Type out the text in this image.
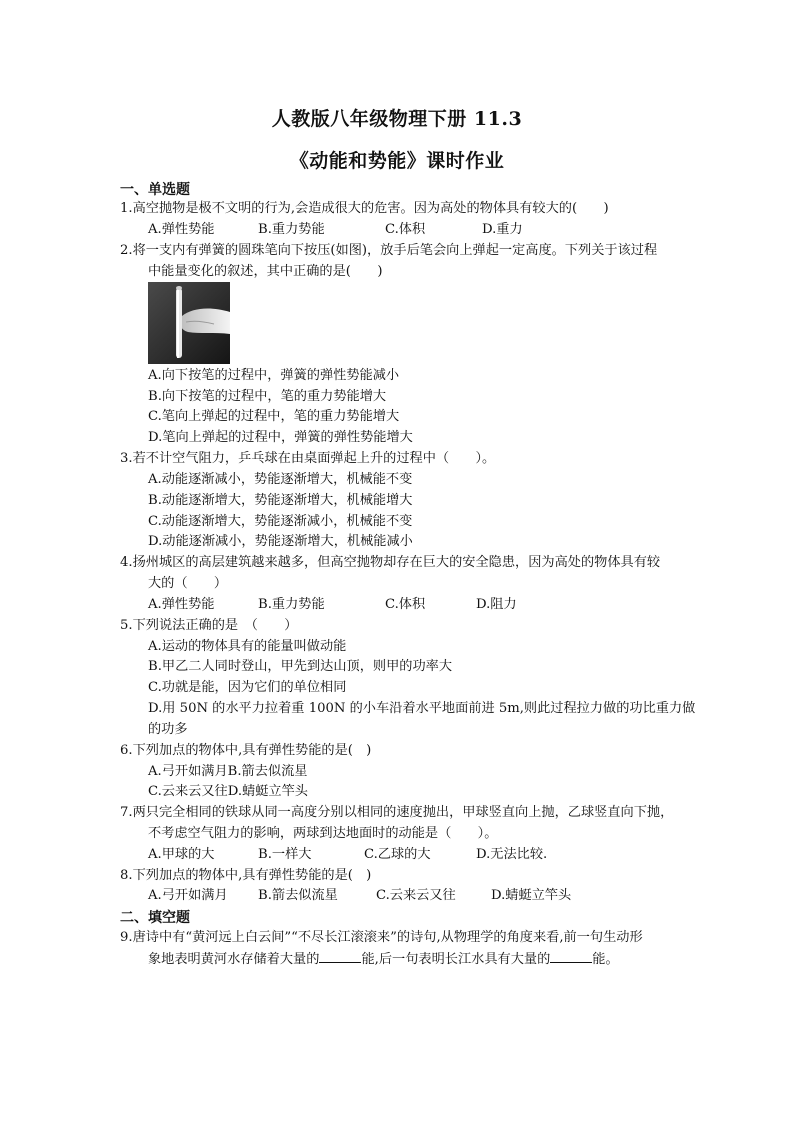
人教版八年级物理下册 11.3
《动能和势能》课时作业
一、单选题
1.高空抛物是极不文明的行为,会造成很大的危害。因为高处的物体具有较大的(　　)
A.弹性势能	B.重力势能	C.体积	D.重力
2.将一支内有弹簧的圆珠笔向下按压(如图)，放手后笔会向上弹起一定高度。下列关于该过程
中能量变化的叙述，其中正确的是(　　)
A.向下按笔的过程中，弹簧的弹性势能减小
B.向下按笔的过程中，笔的重力势能增大
C.笔向上弹起的过程中，笔的重力势能增大
D.笔向上弹起的过程中，弹簧的弹性势能增大
3.若不计空气阻力，乒乓球在由桌面弹起上升的过程中（　　）。
A.动能逐渐减小，势能逐渐增大，机械能不变
B.动能逐渐增大，势能逐渐增大，机械能增大
C.动能逐渐增大，势能逐渐减小，机械能不变
D.动能逐渐减小，势能逐渐增大，机械能减小
4.扬州城区的高层建筑越来越多，但高空抛物却存在巨大的安全隐患，因为高处的物体具有较
大的（　　）
A.弹性势能	B.重力势能	C.体积	D.阻力
5.下列说法正确的是　（　　）
A.运动的物体具有的能量叫做动能
B.甲乙二人同时登山，甲先到达山顶，则甲的功率大
C.功就是能，因为它们的单位相同
D.用 50N 的水平力拉着重 100N 的小车沿着水平地面前进 5m,则此过程拉力做的功比重力做
的功多
6.下列加点的物体中,具有弹性势能的是(　)
A.弓开如满月B.箭去似流星
C.云来云又往D.蜻蜓立竿头
7.两只完全相同的铁球从同一高度分别以相同的速度抛出，甲球竖直向上抛，乙球竖直向下抛，
不考虑空气阻力的影响，两球到达地面时的动能是（　　）。
A.甲球的大	B.一样大	C.乙球的大	D.无法比较.
8.下列加点的物体中,具有弹性势能的是(　)
A.弓开如满月 B.箭去似流星	C.云来云又往	D.蜻蜓立竿头
二、填空题
9.唐诗中有“黄河远上白云间”“不尽长江滚滚来”的诗句,从物理学的角度来看,前一句生动形
象地表明黄河水存储着大量的	能,后一句表明长江水具有大量的	能。
